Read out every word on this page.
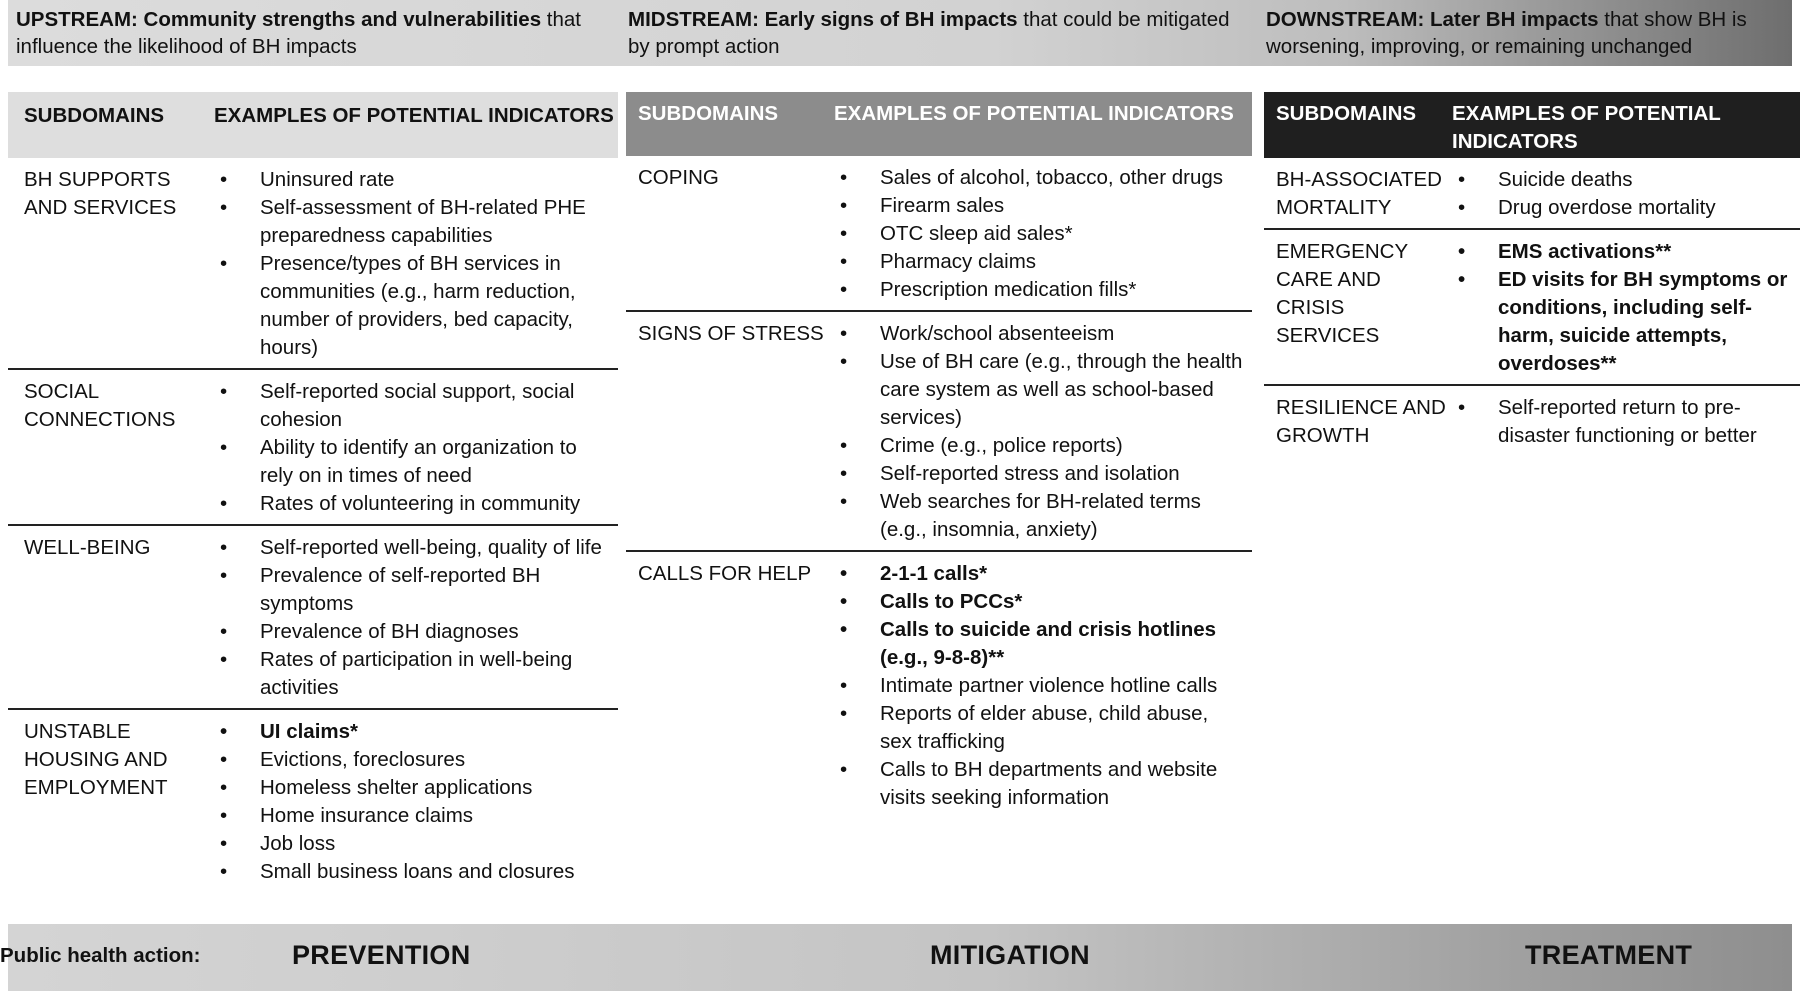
UPSTREAM: Community strengths and vulnerabilities that influence the likelihood of BH impacts
MIDSTREAM: Early signs of BH impacts that could be mitigated by prompt action
DOWNSTREAM: Later BH impacts that show BH is worsening, improving, or remaining unchanged
SUBDOMAINS	EXAMPLES OF POTENTIAL INDICATORS
BH SUPPORTS AND SERVICES
• Uninsured rate
• Self-assessment of BH-related PHE preparedness capabilities
• Presence/types of BH services in communities (e.g., harm reduction, number of providers, bed capacity, hours)
SOCIAL CONNECTIONS
• Self-reported social support, social cohesion
• Ability to identify an organization to rely on in times of need
• Rates of volunteering in community
WELL-BEING	• Self-reported well-being, quality of life
• Prevalence of self-reported BH symptoms
• Prevalence of BH diagnoses
• Rates of participation in well-being activities
UNSTABLE HOUSING AND EMPLOYMENT
• UI claims*
• Evictions, foreclosures
• Homeless shelter applications
• Home insurance claims
• Job loss
• Small business loans and closures
SUBDOMAINS	EXAMPLES OF POTENTIAL INDICATORS
COPING	• Sales of alcohol, tobacco, other drugs
• Firearm sales
• OTC sleep aid sales*
• Pharmacy claims
• Prescription medication fills*
SIGNS OF STRESS	• Work/school absenteeism
• Use of BH care (e.g., through the health care system as well as school-based services)
• Crime (e.g., police reports)
• Self-reported stress and isolation
• Web searches for BH-related terms (e.g., insomnia, anxiety)
CALLS FOR HELP	• 2-1-1 calls*
• Calls to PCCs*
• Calls to suicide and crisis hotlines (e.g., 9-8-8)**
• Intimate partner violence hotline calls
• Reports of elder abuse, child abuse, sex trafficking
• Calls to BH departments and website visits seeking information
SUBDOMAINS	EXAMPLES OF POTENTIAL INDICATORS
BH-ASSOCIATED MORTALITY
• Suicide deaths
• Drug overdose mortality
EMERGENCY CARE AND CRISIS SERVICES
• EMS activations**
• ED visits for BH symptoms or conditions, including self-harm, suicide attempts, overdoses**
RESILIENCE AND GROWTH
• Self-reported return to pre-disaster functioning or better
Public health action:	PREVENTION	MITIGATION	TREATMENT
